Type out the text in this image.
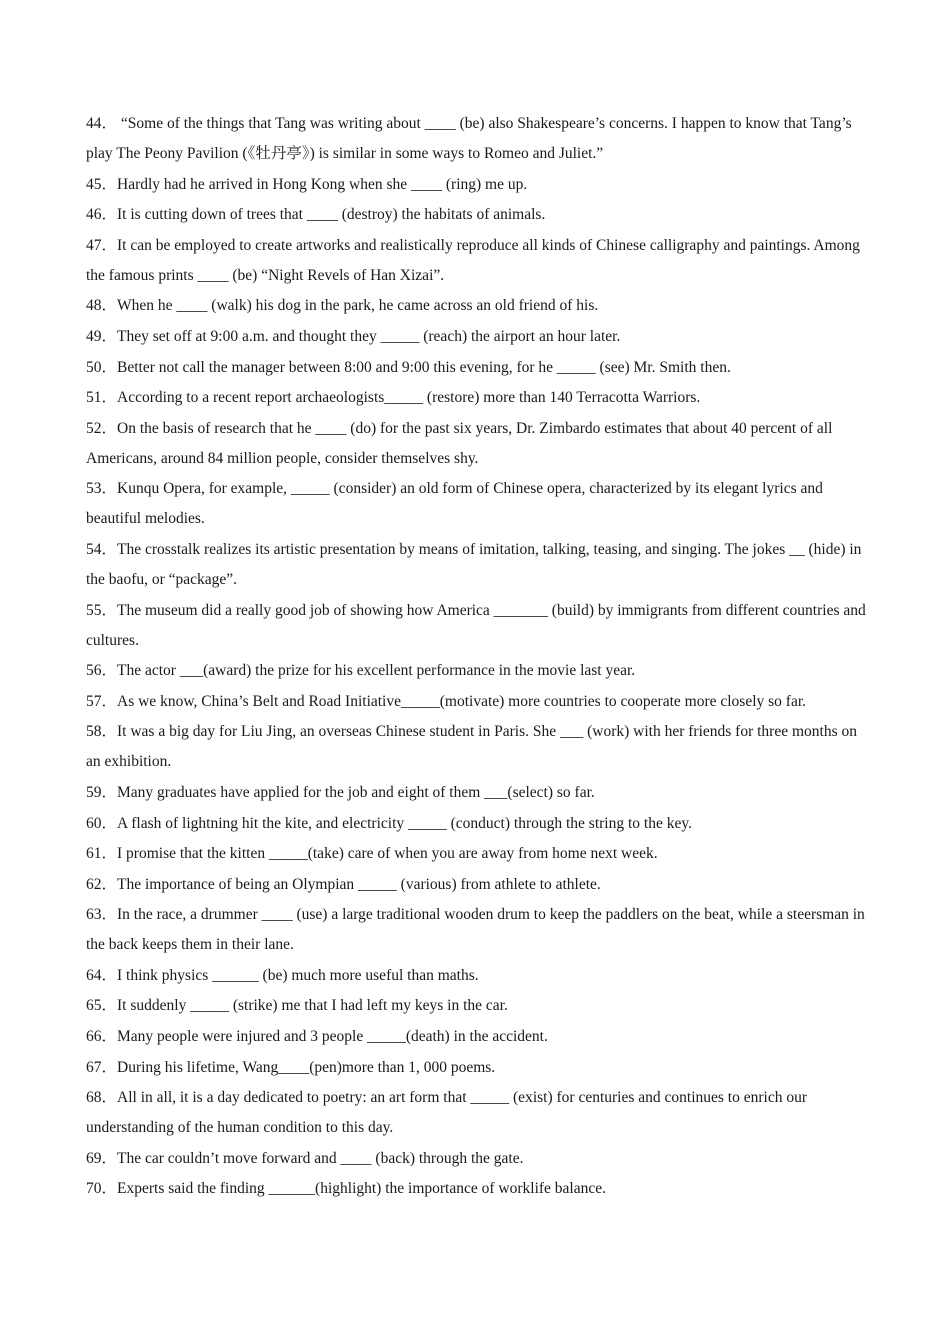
44． “Some of the things that Tang was writing about ____ (be) also Shakespeare’s concerns. I happen to know that Tang’s play The Peony Pavilion (《牡丹亭》) is similar in some ways to Romeo and Juliet.”
45．Hardly had he arrived in Hong Kong when she ____ (ring) me up.
46．It is cutting down of trees that ____ (destroy) the habitats of animals.
47．It can be employed to create artworks and realistically reproduce all kinds of Chinese calligraphy and paintings. Among the famous prints ____ (be) “Night Revels of Han Xizai”.
48．When he ____ (walk) his dog in the park, he came across an old friend of his.
49．They set off at 9:00 a.m. and thought they _____ (reach) the airport an hour later.
50．Better not call the manager between 8:00 and 9:00 this evening, for he _____ (see) Mr. Smith then.
51．According to a recent report archaeologists_____ (restore) more than 140 Terracotta Warriors.
52．On the basis of research that he ____ (do) for the past six years, Dr. Zimbardo estimates that about 40 percent of all Americans, around 84 million people, consider themselves shy.
53．Kunqu Opera, for example, _____ (consider) an old form of Chinese opera, characterized by its elegant lyrics and beautiful melodies.
54．The crosstalk realizes its artistic presentation by means of imitation, talking, teasing, and singing. The jokes __ (hide) in the baofu, or “package”.
55．The museum did a really good job of showing how America _______ (build) by immigrants from different countries and cultures.
56．The actor ___(award) the prize for his excellent performance in the movie last year.
57．As we know, China’s Belt and Road Initiative_____(motivate) more countries to cooperate more closely so far.
58．It was a big day for Liu Jing, an overseas Chinese student in Paris. She ___ (work) with her friends for three months on an exhibition.
59．Many graduates have applied for the job and eight of them ___(select) so far.
60．A flash of lightning hit the kite, and electricity _____ (conduct) through the string to the key.
61．I promise that the kitten _____(take) care of when you are away from home next week.
62．The importance of being an Olympian _____ (various) from athlete to athlete.
63．In the race, a drummer ____ (use) a large traditional wooden drum to keep the paddlers on the beat, while a steersman in the back keeps them in their lane.
64．I think physics ______ (be) much more useful than maths.
65．It suddenly _____ (strike) me that I had left my keys in the car.
66．Many people were injured and 3 people _____(death) in the accident.
67．During his lifetime, Wang____(pen)more than 1, 000 poems.
68．All in all, it is a day dedicated to poetry: an art form that _____ (exist) for centuries and continues to enrich our understanding of the human condition to this day.
69．The car couldn’t move forward and ____ (back) through the gate.
70．Experts said the finding ______(highlight) the importance of worklife balance.
